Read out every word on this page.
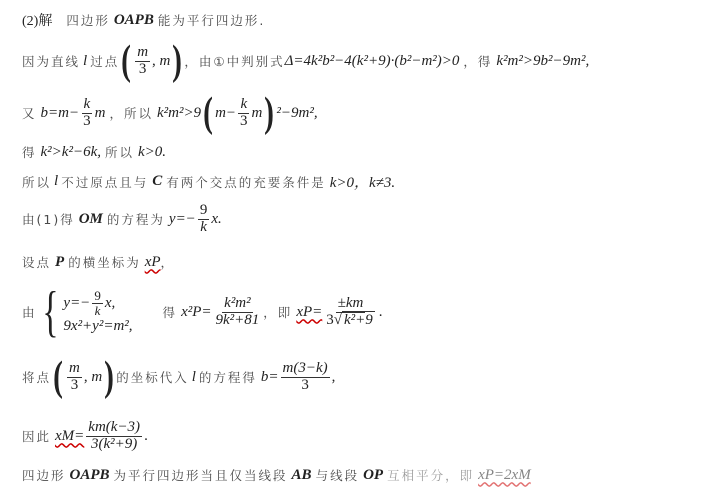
(2)解 四边形 OAPB 能为平行四边形.
因为直线 l 过点 ( $\frac{m}{3}$ , m ) ，由①中判别式 Δ=4k²b²−4(k²+9)·(b²−m²)>0 ，得 k²m²>9b²−9m²,
又 $b=m- \frac{k}{3}$ m ，所以 k²m²>9 ( $m- \frac{k}{3}$ m ) ²−9m²,
得 k²>k²−6k, 所以 k>0.
所以 l 不过原点且与 C 有两个交点的充要条件是 k>0，k≠3.
由(1)得 OM 的方程为 $y=- \frac{9}{k} x$.
设点 P 的横坐标为 xP ，
由 { $y=- \frac{9}{k} x$,
9x²+y²=m²,
得 $x^2P= \frac{\text{k²m²}}{\text{9k²+81}}$ ，即 $xP= \frac{\pm km}{\text{3√ k²+9}}$ .
将点 ( $\frac{m}{3}$ , m ) 的坐标代入 l 的方程得 $b= \frac{m(3-k)}{3}$ ,
因此 $xM= \frac{km(k-3)}{\text{3(k²+9)}}$ .
四边形 OAPB 为平行四边形当且仅当线段 AB 与线段 OP 互相平分，即 xP=2xM
